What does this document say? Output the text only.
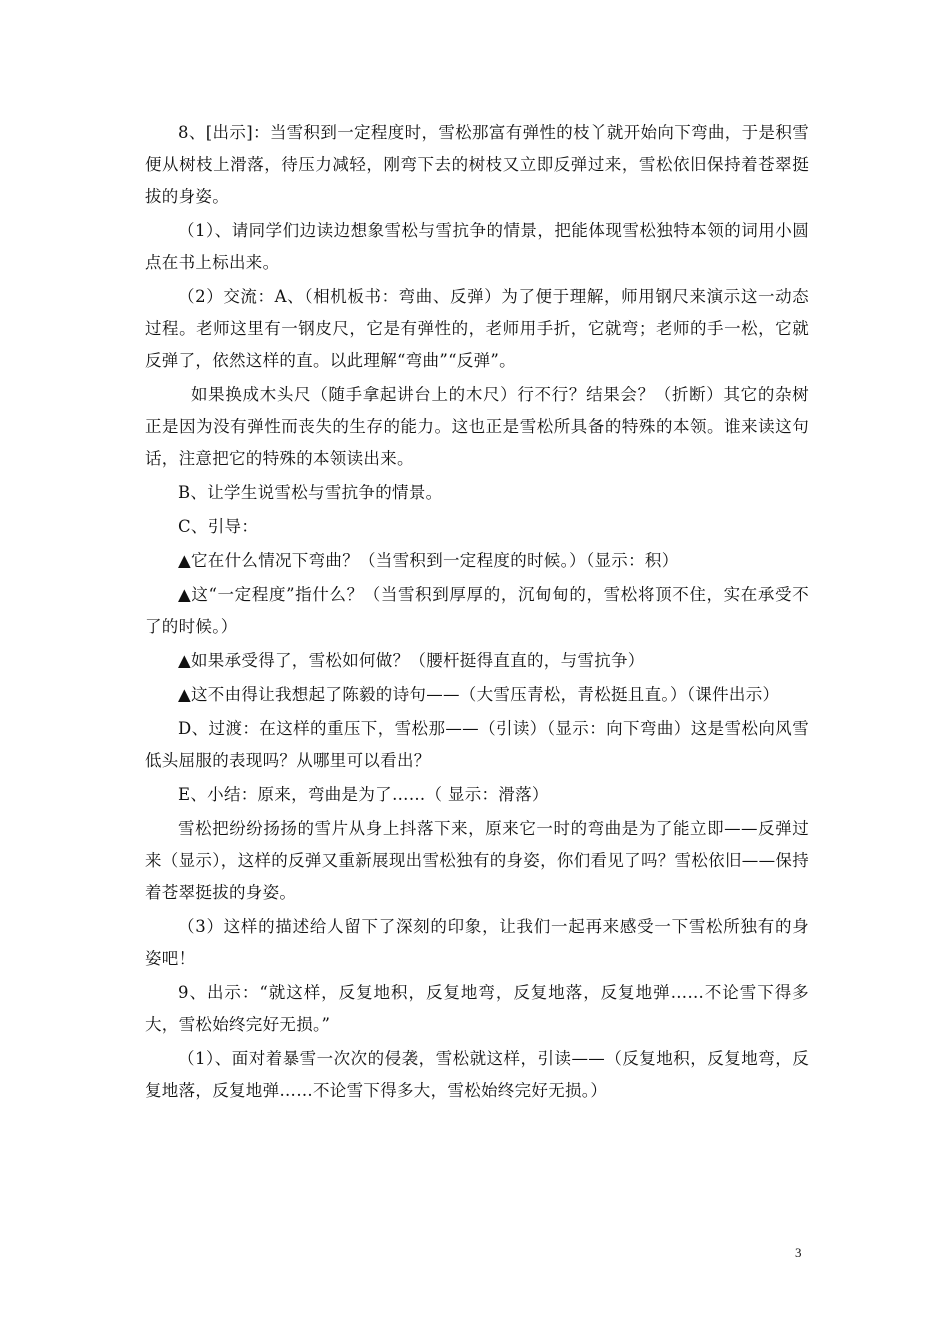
8、[出示]：当雪积到一定程度时，雪松那富有弹性的枝丫就开始向下弯曲，于是积雪便从树枝上滑落，待压力减轻，刚弯下去的树枝又立即反弹过来，雪松依旧保持着苍翠挺拔的身姿。

（1）、请同学们边读边想象雪松与雪抗争的情景，把能体现雪松独特本领的词用小圆点在书上标出来。

（2）交流：A、（相机板书：弯曲、反弹）为了便于理解，师用钢尺来演示这一动态过程。老师这里有一钢皮尺，它是有弹性的，老师用手折，它就弯；老师的手一松，它就反弹了，依然这样的直。以此理解“弯曲”“反弹”。

如果换成木头尺（随手拿起讲台上的木尺）行不行？结果会？（折断）其它的杂树正是因为没有弹性而丧失的生存的能力。这也正是雪松所具备的特殊的本领。谁来读这句话，注意把它的特殊的本领读出来。

B、让学生说雪松与雪抗争的情景。

C、引导：

▲它在什么情况下弯曲？（当雪积到一定程度的时候。）（显示：积）

▲这“一定程度”指什么？（当雪积到厚厚的，沉甸甸的，雪松将顶不住，实在承受不了的时候。）

▲如果承受得了，雪松如何做？（腰杆挺得直直的，与雪抗争）

▲这不由得让我想起了陈毅的诗句——（大雪压青松，青松挺且直。）（课件出示）

D、过渡：在这样的重压下，雪松那——（引读）（显示：向下弯曲）这是雪松向风雪低头屈服的表现吗？从哪里可以看出？

E、小结：原来，弯曲是为了……（ 显示：滑落）

雪松把纷纷扬扬的雪片从身上抖落下来，原来它一时的弯曲是为了能立即——反弹过来（显示），这样的反弹又重新展现出雪松独有的身姿，你们看见了吗？雪松依旧——保持着苍翠挺拔的身姿。

（3）这样的描述给人留下了深刻的印象，让我们一起再来感受一下雪松所独有的身姿吧！

9、出示：“就这样，反复地积，反复地弯，反复地落，反复地弹……不论雪下得多大，雪松始终完好无损。”

（1）、面对着暴雪一次次的侵袭，雪松就这样，引读——（反复地积，反复地弯，反复地落，反复地弹……不论雪下得多大，雪松始终完好无损。）

3
